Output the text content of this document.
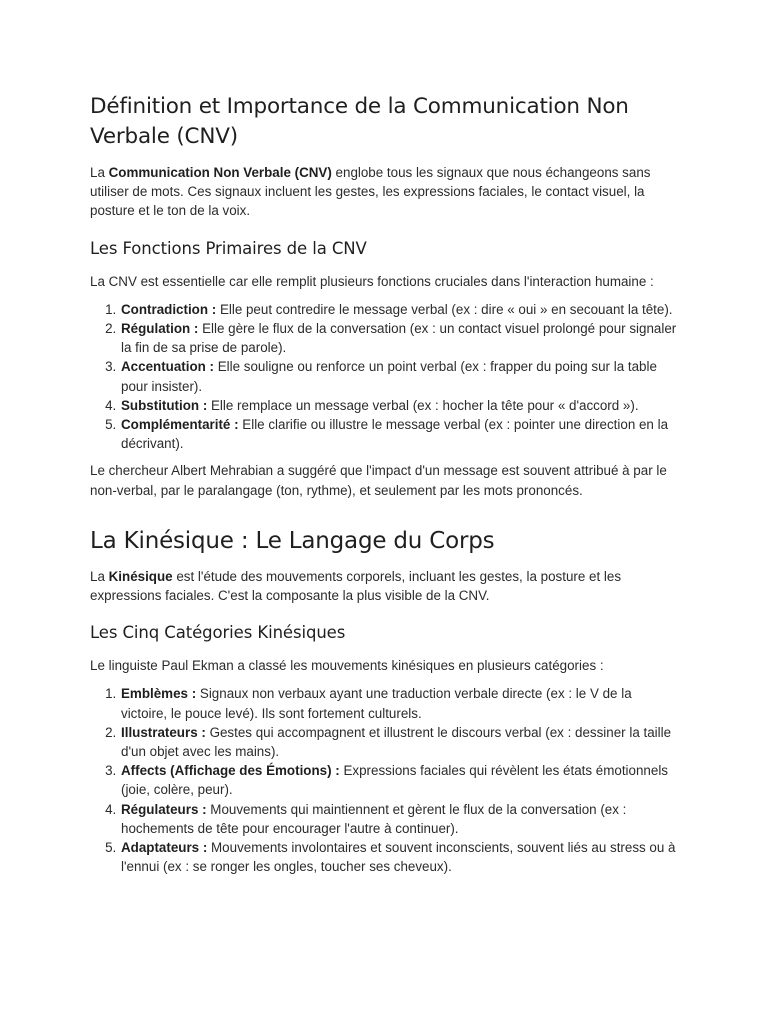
Définition et Importance de la Communication Non Verbale (CNV)

La Communication Non Verbale (CNV) englobe tous les signaux que nous échangeons sans utiliser de mots. Ces signaux incluent les gestes, les expressions faciales, le contact visuel, la posture et le ton de la voix.

Les Fonctions Primaires de la CNV

La CNV est essentielle car elle remplit plusieurs fonctions cruciales dans l'interaction humaine :

1. Contradiction : Elle peut contredire le message verbal (ex : dire « oui » en secouant la tête).
2. Régulation : Elle gère le flux de la conversation (ex : un contact visuel prolongé pour signaler la fin de sa prise de parole).
3. Accentuation : Elle souligne ou renforce un point verbal (ex : frapper du poing sur la table pour insister).
4. Substitution : Elle remplace un message verbal (ex : hocher la tête pour « d'accord »).
5. Complémentarité : Elle clarifie ou illustre le message verbal (ex : pointer une direction en la décrivant).

Le chercheur Albert Mehrabian a suggéré que l'impact d'un message est souvent attribué à par le non-verbal, par le paralangage (ton, rythme), et seulement par les mots prononcés.

La Kinésique : Le Langage du Corps

La Kinésique est l'étude des mouvements corporels, incluant les gestes, la posture et les expressions faciales. C'est la composante la plus visible de la CNV.

Les Cinq Catégories Kinésiques

Le linguiste Paul Ekman a classé les mouvements kinésiques en plusieurs catégories :

1. Emblèmes : Signaux non verbaux ayant une traduction verbale directe (ex : le V de la victoire, le pouce levé). Ils sont fortement culturels.
2. Illustrateurs : Gestes qui accompagnent et illustrent le discours verbal (ex : dessiner la taille d'un objet avec les mains).
3. Affects (Affichage des Émotions) : Expressions faciales qui révèlent les états émotionnels (joie, colère, peur).
4. Régulateurs : Mouvements qui maintiennent et gèrent le flux de la conversation (ex : hochements de tête pour encourager l'autre à continuer).
5. Adaptateurs : Mouvements involontaires et souvent inconscients, souvent liés au stress ou à l'ennui (ex : se ronger les ongles, toucher ses cheveux).
